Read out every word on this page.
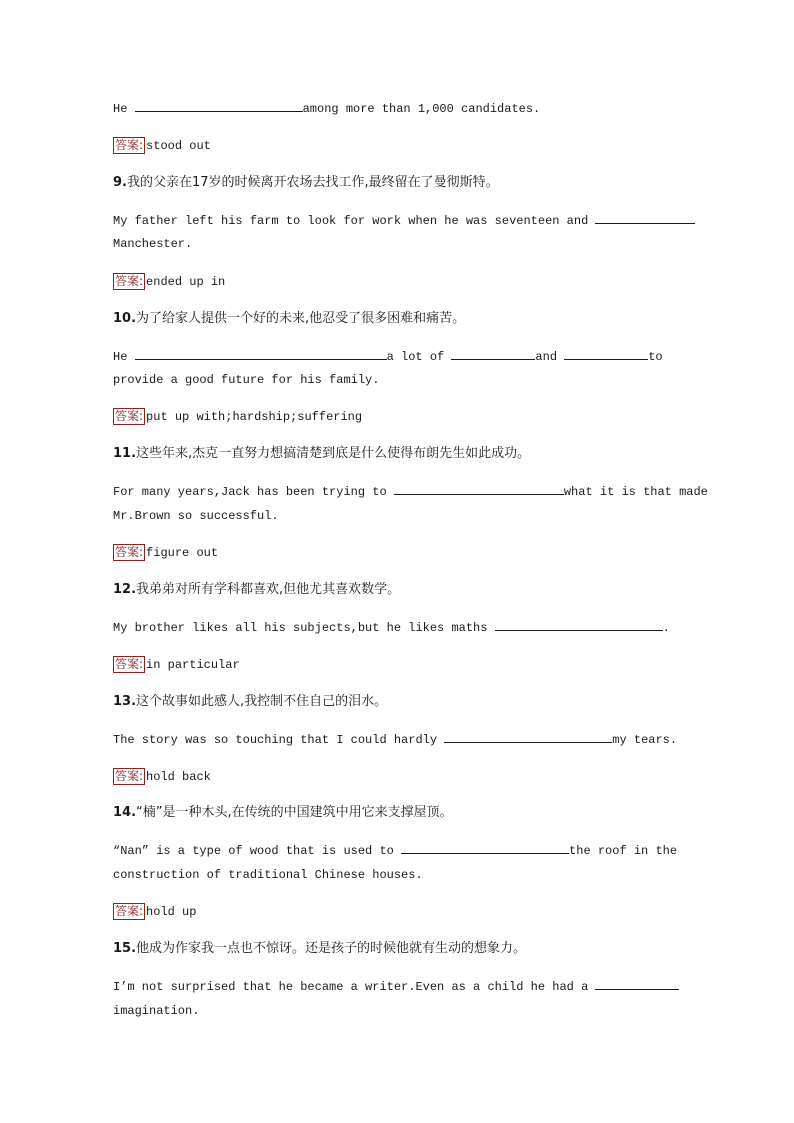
He	among more than 1,000 candidates.
答案: stood out
9.我的父亲在17岁的时候离开农场去找工作,最终留在了曼彻斯特。
My father left his farm to look for work when he was seventeen and
Manchester.
答案: ended up in
10.为了给家人提供一个好的未来,他忍受了很多困难和痛苦。
He	a lot of	and	to
provide a good future for his family.
答案: put up with;hardship;suffering
11.这些年来,杰克一直努力想搞清楚到底是什么使得布朗先生如此成功。
For many years,Jack has been trying to	what it is that made
Mr.Brown so successful.
答案: figure out
12.我弟弟对所有学科都喜欢,但他尤其喜欢数学。
My brother likes all his subjects,but he likes maths	.
答案: in particular
13.这个故事如此感人,我控制不住自己的泪水。
The story was so touching that I could hardly	my tears.
答案: hold back
14.“楠”是一种木头,在传统的中国建筑中用它来支撑屋顶。
“Nan” is a type of wood that is used to	the roof in the
construction of traditional Chinese houses.
答案: hold up
15.他成为作家我一点也不惊讶。还是孩子的时候他就有生动的想象力。
I’m not surprised that he became a writer.Even as a child he had a
imagination.
